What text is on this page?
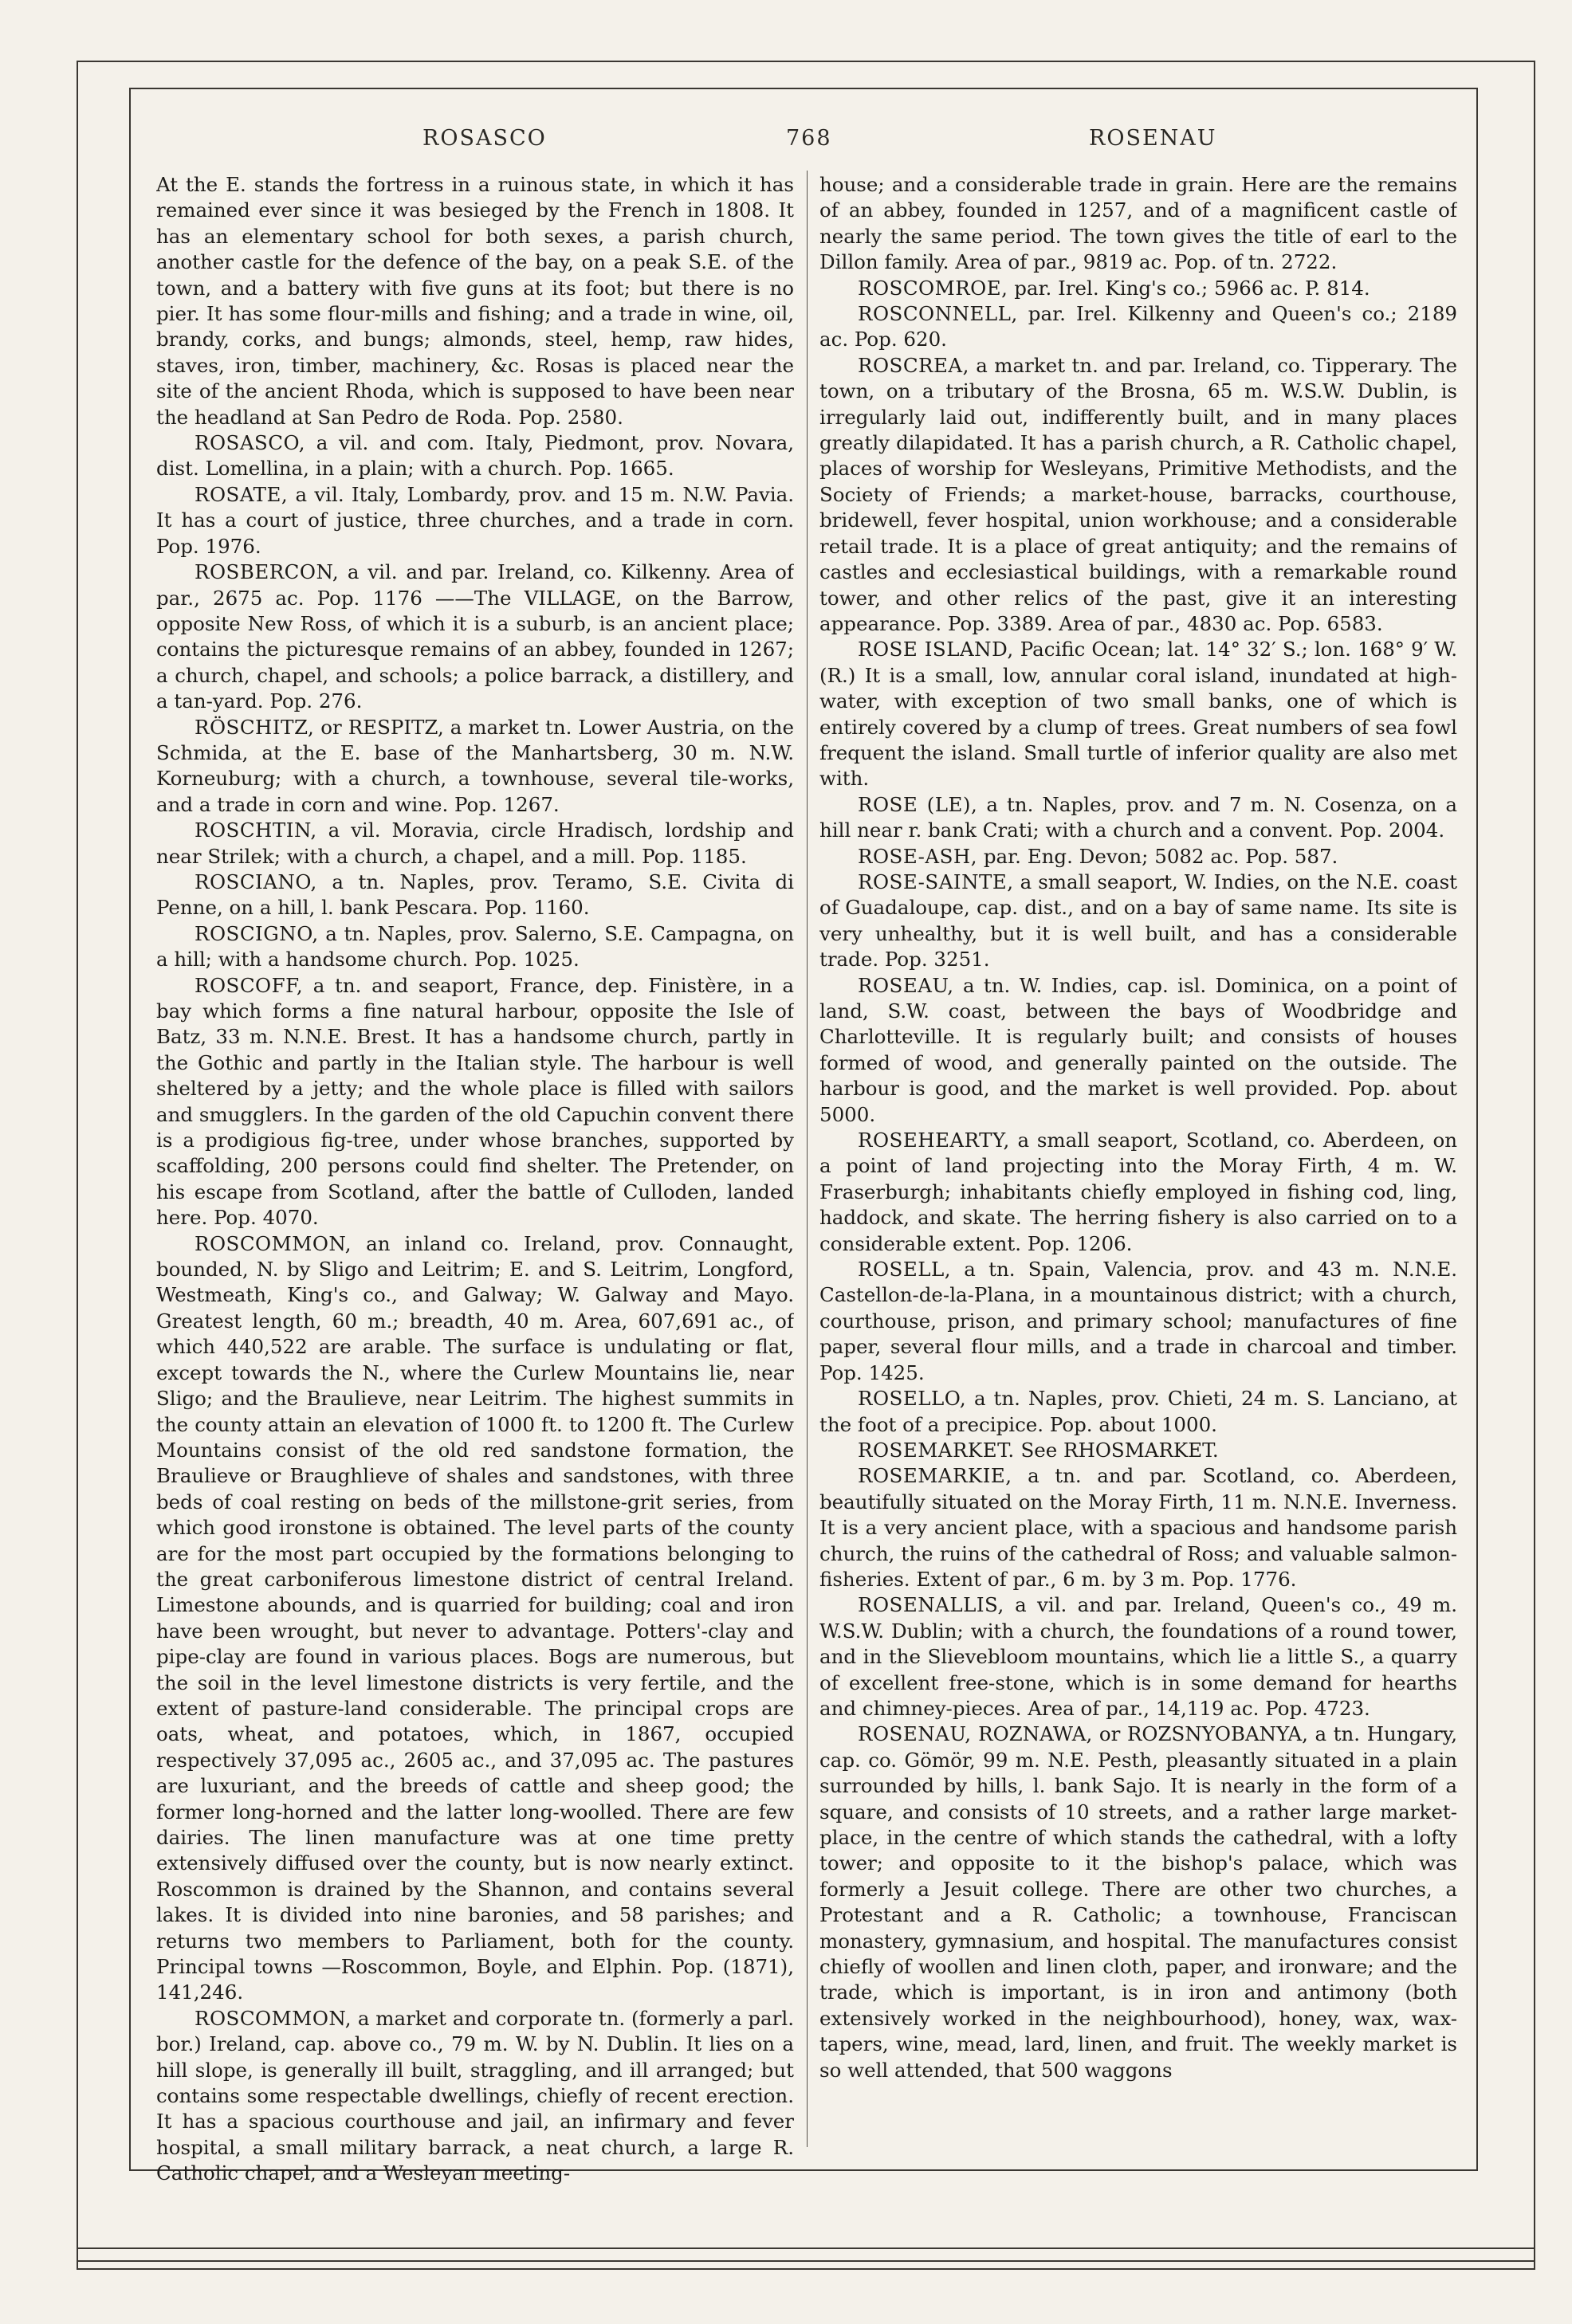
ROSASCO	768	ROSENAU

At the E. stands the fortress in a ruinous state, in which it has remained ever since it was besieged by the French in 1808. It has an elementary school for both sexes, a parish church, another castle for the defence of the bay, on a peak S.E. of the town, and a battery with five guns at its foot; but there is no pier. It has some flour-mills and fishing; and a trade in wine, oil, brandy, corks, and bungs; almonds, steel, hemp, raw hides, staves, iron, timber, machinery, &c. Rosas is placed near the site of the ancient Rhoda, which is supposed to have been near the headland at San Pedro de Roda. Pop. 2580.

ROSASCO, a vil. and com. Italy, Piedmont, prov. Novara, dist. Lomellina, in a plain; with a church. Pop. 1665.

ROSATE, a vil. Italy, Lombardy, prov. and 15 m. N.W. Pavia. It has a court of justice, three churches, and a trade in corn. Pop. 1976.

ROSBERCON, a vil. and par. Ireland, co. Kilkenny. Area of par., 2675 ac. Pop. 1176 ——The VILLAGE, on the Barrow, opposite New Ross, of which it is a suburb, is an ancient place; contains the picturesque remains of an abbey, founded in 1267; a church, chapel, and schools; a police barrack, a distillery, and a tan-yard. Pop. 276.

RÖSCHITZ, or RESPITZ, a market tn. Lower Austria, on the Schmida, at the E. base of the Manhartsberg, 30 m. N.W. Korneuburg; with a church, a townhouse, several tile-works, and a trade in corn and wine. Pop. 1267.

ROSCHTIN, a vil. Moravia, circle Hradisch, lordship and near Strilek; with a church, a chapel, and a mill. Pop. 1185.

ROSCIANO, a tn. Naples, prov. Teramo, S.E. Civita di Penne, on a hill, l. bank Pescara. Pop. 1160.

ROSCIGNO, a tn. Naples, prov. Salerno, S.E. Campagna, on a hill; with a handsome church. Pop. 1025.

ROSCOFF, a tn. and seaport, France, dep. Finistère, in a bay which forms a fine natural harbour, opposite the Isle of Batz, 33 m. N.N.E. Brest. It has a handsome church, partly in the Gothic and partly in the Italian style. The harbour is well sheltered by a jetty; and the whole place is filled with sailors and smugglers. In the garden of the old Capuchin convent there is a prodigious fig-tree, under whose branches, supported by scaffolding, 200 persons could find shelter. The Pretender, on his escape from Scotland, after the battle of Culloden, landed here. Pop. 4070.

ROSCOMMON, an inland co. Ireland, prov. Connaught, bounded, N. by Sligo and Leitrim; E. and S. Leitrim, Longford, Westmeath, King's co., and Galway; W. Galway and Mayo. Greatest length, 60 m.; breadth, 40 m. Area, 607,691 ac., of which 440,522 are arable. The surface is undulating or flat, except towards the N., where the Curlew Mountains lie, near Sligo; and the Braulieve, near Leitrim. The highest summits in the county attain an elevation of 1000 ft. to 1200 ft. The Curlew Mountains consist of the old red sandstone formation, the Braulieve or Braughlieve of shales and sandstones, with three beds of coal resting on beds of the millstone-grit series, from which good ironstone is obtained. The level parts of the county are for the most part occupied by the formations belonging to the great carboniferous limestone district of central Ireland. Limestone abounds, and is quarried for building; coal and iron have been wrought, but never to advantage. Potters'-clay and pipe-clay are found in various places. Bogs are numerous, but the soil in the level limestone districts is very fertile, and the extent of pasture-land considerable. The principal crops are oats, wheat, and potatoes, which, in 1867, occupied respectively 37,095 ac., 2605 ac., and 37,095 ac. The pastures are luxuriant, and the breeds of cattle and sheep good; the former long-horned and the latter long-woolled. There are few dairies. The linen manufacture was at one time pretty extensively diffused over the county, but is now nearly extinct. Roscommon is drained by the Shannon, and contains several lakes. It is divided into nine baronies, and 58 parishes; and returns two members to Parliament, both for the county. Principal towns —Roscommon, Boyle, and Elphin. Pop. (1871), 141,246.

ROSCOMMON, a market and corporate tn. (formerly a parl. bor.) Ireland, cap. above co., 79 m. W. by N. Dublin. It lies on a hill slope, is generally ill built, straggling, and ill arranged; but contains some respectable dwellings, chiefly of recent erection. It has a spacious courthouse and jail, an infirmary and fever hospital, a small military barrack, a neat church, a large R. Catholic chapel, and a Wesleyan meeting-

house; and a considerable trade in grain. Here are the remains of an abbey, founded in 1257, and of a magnificent castle of nearly the same period. The town gives the title of earl to the Dillon family. Area of par., 9819 ac. Pop. of tn. 2722.

ROSCOMROE, par. Irel. King's co.; 5966 ac. P. 814.

ROSCONNELL, par. Irel. Kilkenny and Queen's co.; 2189 ac. Pop. 620.

ROSCREA, a market tn. and par. Ireland, co. Tipperary. The town, on a tributary of the Brosna, 65 m. W.S.W. Dublin, is irregularly laid out, indifferently built, and in many places greatly dilapidated. It has a parish church, a R. Catholic chapel, places of worship for Wesleyans, Primitive Methodists, and the Society of Friends; a market-house, barracks, courthouse, bridewell, fever hospital, union workhouse; and a considerable retail trade. It is a place of great antiquity; and the remains of castles and ecclesiastical buildings, with a remarkable round tower, and other relics of the past, give it an interesting appearance. Pop. 3389. Area of par., 4830 ac. Pop. 6583.

ROSE ISLAND, Pacific Ocean; lat. 14° 32′ S.; lon. 168° 9′ W. (R.) It is a small, low, annular coral island, inundated at high-water, with exception of two small banks, one of which is entirely covered by a clump of trees. Great numbers of sea fowl frequent the island. Small turtle of inferior quality are also met with.

ROSE (LE), a tn. Naples, prov. and 7 m. N. Cosenza, on a hill near r. bank Crati; with a church and a convent. Pop. 2004.

ROSE-ASH, par. Eng. Devon; 5082 ac. Pop. 587.

ROSE-SAINTE, a small seaport, W. Indies, on the N.E. coast of Guadaloupe, cap. dist., and on a bay of same name. Its site is very unhealthy, but it is well built, and has a considerable trade. Pop. 3251.

ROSEAU, a tn. W. Indies, cap. isl. Dominica, on a point of land, S.W. coast, between the bays of Woodbridge and Charlotteville. It is regularly built; and consists of houses formed of wood, and generally painted on the outside. The harbour is good, and the market is well provided. Pop. about 5000.

ROSEHEARTY, a small seaport, Scotland, co. Aberdeen, on a point of land projecting into the Moray Firth, 4 m. W. Fraserburgh; inhabitants chiefly employed in fishing cod, ling, haddock, and skate. The herring fishery is also carried on to a considerable extent. Pop. 1206.

ROSELL, a tn. Spain, Valencia, prov. and 43 m. N.N.E. Castellon-de-la-Plana, in a mountainous district; with a church, courthouse, prison, and primary school; manufactures of fine paper, several flour mills, and a trade in charcoal and timber. Pop. 1425.

ROSELLO, a tn. Naples, prov. Chieti, 24 m. S. Lanciano, at the foot of a precipice. Pop. about 1000.

ROSEMARKET. See RHOSMARKET.

ROSEMARKIE, a tn. and par. Scotland, co. Aberdeen, beautifully situated on the Moray Firth, 11 m. N.N.E. Inverness. It is a very ancient place, with a spacious and handsome parish church, the ruins of the cathedral of Ross; and valuable salmon-fisheries. Extent of par., 6 m. by 3 m. Pop. 1776.

ROSENALLIS, a vil. and par. Ireland, Queen's co., 49 m. W.S.W. Dublin; with a church, the foundations of a round tower, and in the Slievebloom mountains, which lie a little S., a quarry of excellent free-stone, which is in some demand for hearths and chimney-pieces. Area of par., 14,119 ac. Pop. 4723.

ROSENAU, ROZNAWA, or ROZSNYOBANYA, a tn. Hungary, cap. co. Gömör, 99 m. N.E. Pesth, pleasantly situated in a plain surrounded by hills, l. bank Sajo. It is nearly in the form of a square, and consists of 10 streets, and a rather large market-place, in the centre of which stands the cathedral, with a lofty tower; and opposite to it the bishop's palace, which was formerly a Jesuit college. There are other two churches, a Protestant and a R. Catholic; a townhouse, Franciscan monastery, gymnasium, and hospital. The manufactures consist chiefly of woollen and linen cloth, paper, and ironware; and the trade, which is important, is in iron and antimony (both extensively worked in the neighbourhood), honey, wax, wax-tapers, wine, mead, lard, linen, and fruit. The weekly market is so well attended, that 500 waggons
